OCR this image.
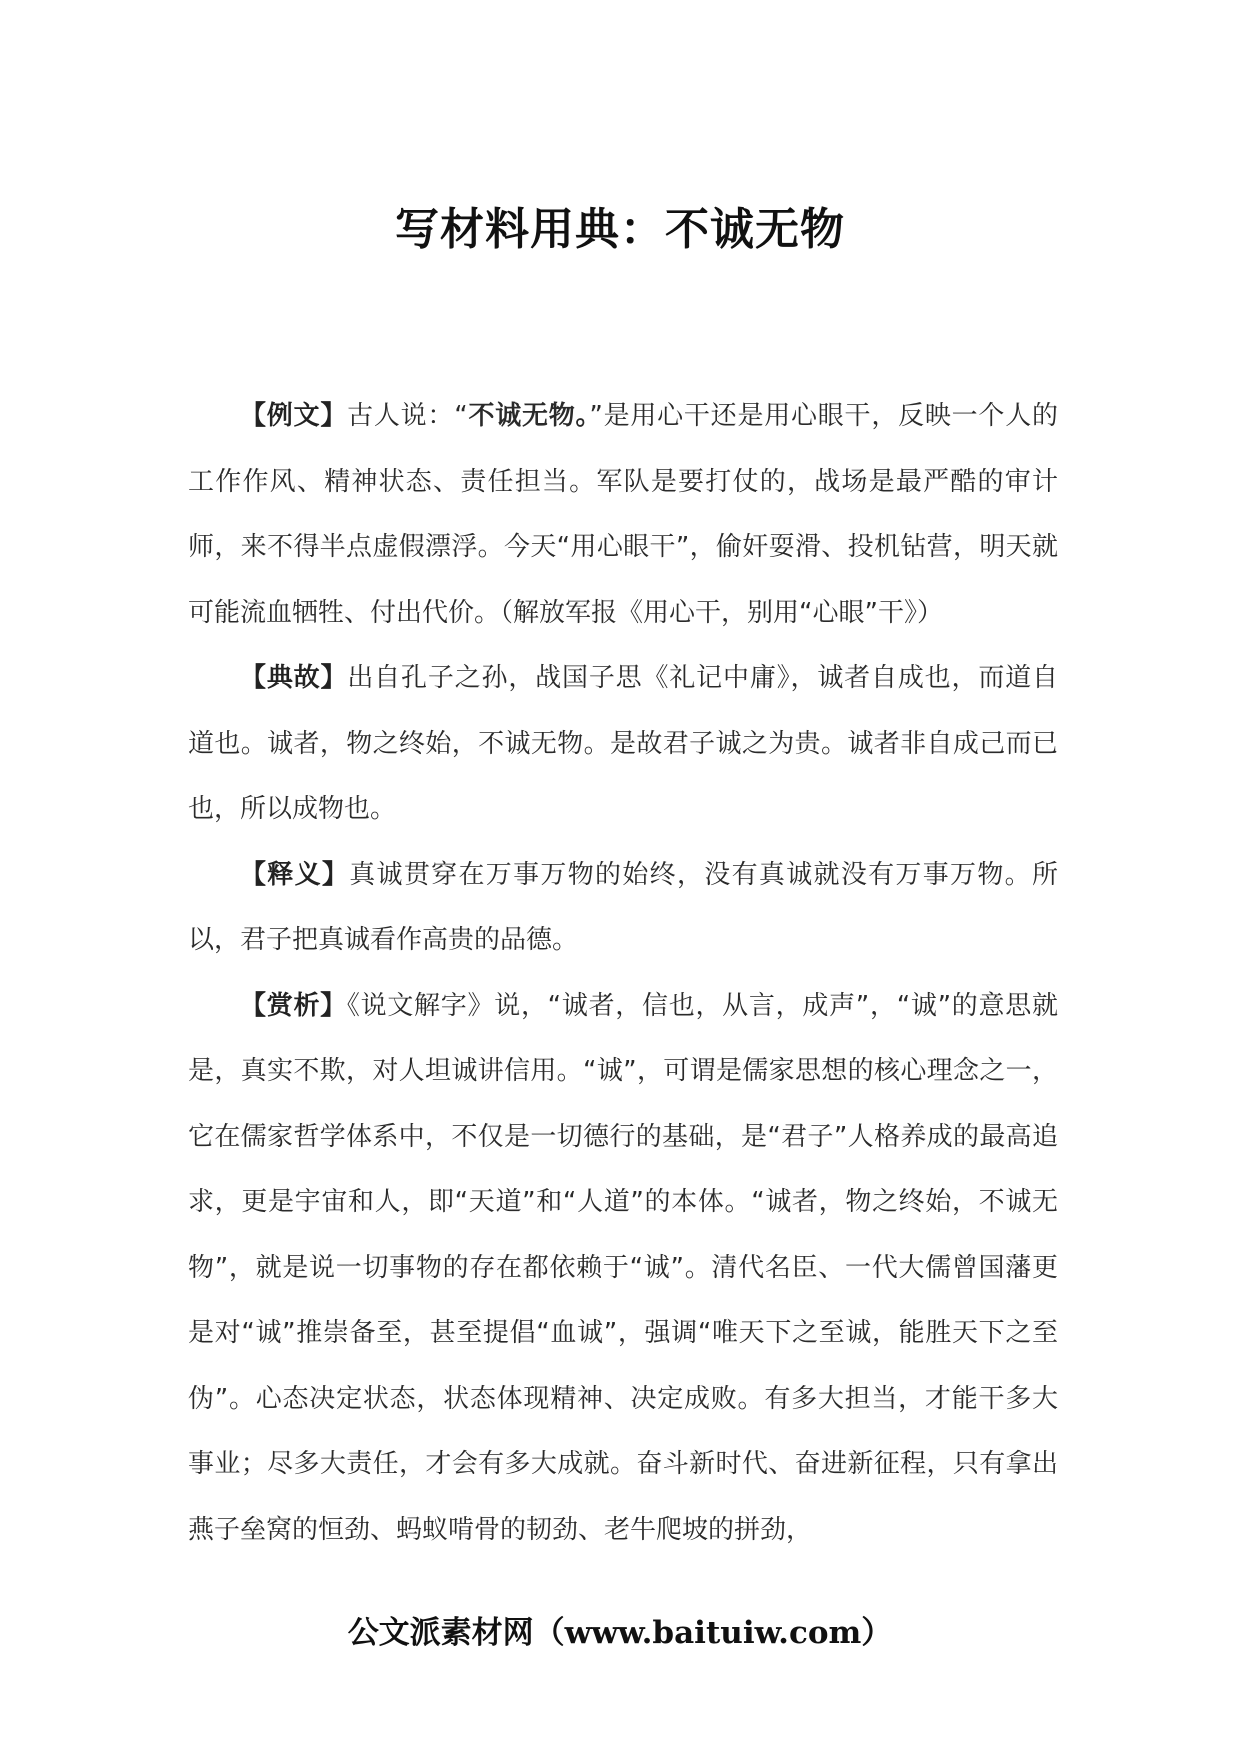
写材料用典：不诚无物

【例文】古人说：“不诚无物。”是用心干还是用心眼干，反映一个人的工作作风、精神状态、责任担当。军队是要打仗的，战场是最严酷的审计师，来不得半点虚假漂浮。今天“用心眼干”，偷奸耍滑、投机钻营，明天就可能流血牺牲、付出代价。（解放军报《用心干，别用“心眼”干》）

【典故】出自孔子之孙，战国子思《礼记中庸》，诚者自成也，而道自道也。诚者，物之终始，不诚无物。是故君子诚之为贵。诚者非自成己而已也，所以成物也。

【释义】真诚贯穿在万事万物的始终，没有真诚就没有万事万物。所以，君子把真诚看作高贵的品德。

【赏析】《说文解字》说，“诚者，信也，从言，成声”，“诚”的意思就是，真实不欺，对人坦诚讲信用。“诚”，可谓是儒家思想的核心理念之一，它在儒家哲学体系中，不仅是一切德行的基础，是“君子”人格养成的最高追求，更是宇宙和人，即“天道”和“人道”的本体。“诚者，物之终始，不诚无物”，就是说一切事物的存在都依赖于“诚”。清代名臣、一代大儒曾国藩更是对“诚”推崇备至，甚至提倡“血诚”，强调“唯天下之至诚，能胜天下之至伪”。心态决定状态，状态体现精神、决定成败。有多大担当，才能干多大事业；尽多大责任，才会有多大成就。奋斗新时代、奋进新征程，只有拿出燕子垒窝的恒劲、蚂蚁啃骨的韧劲、老牛爬坡的拼劲，

公文派素材网（www.baituiw.com）
